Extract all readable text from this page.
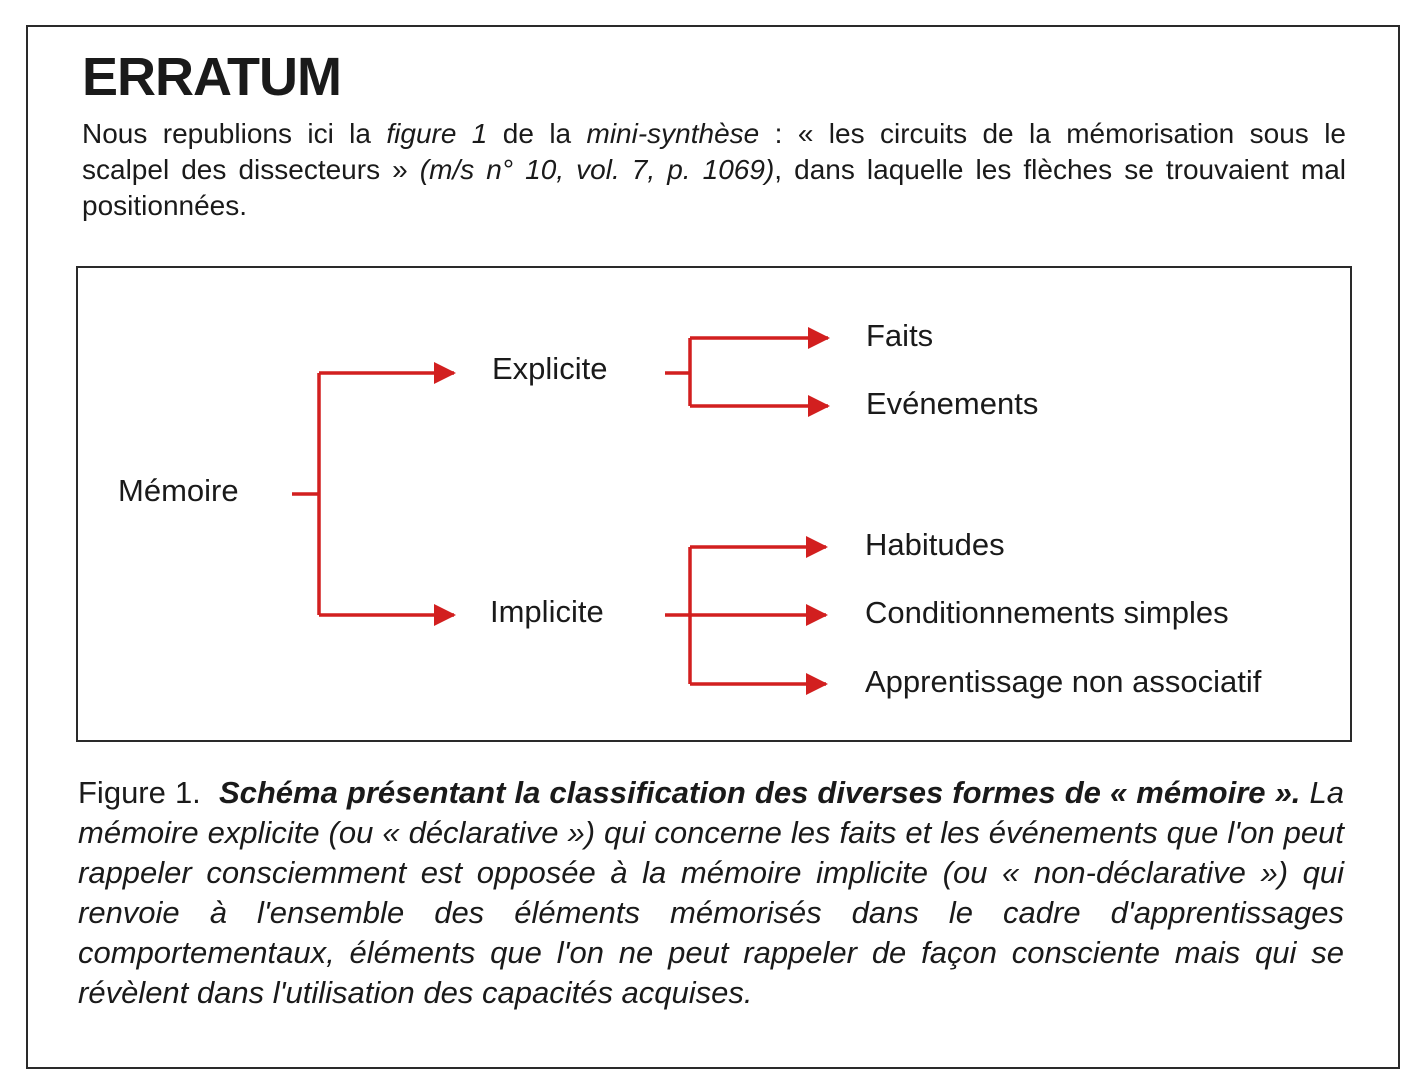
ERRATUM

Nous republions ici la figure 1 de la mini-synthèse : « les circuits de la mémorisation sous le scalpel des dissecteurs » (m/s n° 10, vol. 7, p. 1069), dans laquelle les flèches se trouvaient mal positionnées.

Mémoire
Explicite
Implicite
Faits
Evénements
Habitudes
Conditionnements simples
Apprentissage non associatif

Figure 1. Schéma présentant la classification des diverses formes de « mémoire ». La mémoire explicite (ou « déclarative ») qui concerne les faits et les événements que l'on peut rappeler consciemment est opposée à la mémoire implicite (ou « non-déclarative ») qui renvoie à l'ensemble des éléments mémorisés dans le cadre d'apprentissages comportementaux, éléments que l'on ne peut rappeler de façon consciente mais qui se révèlent dans l'utilisation des capacités acquises.
